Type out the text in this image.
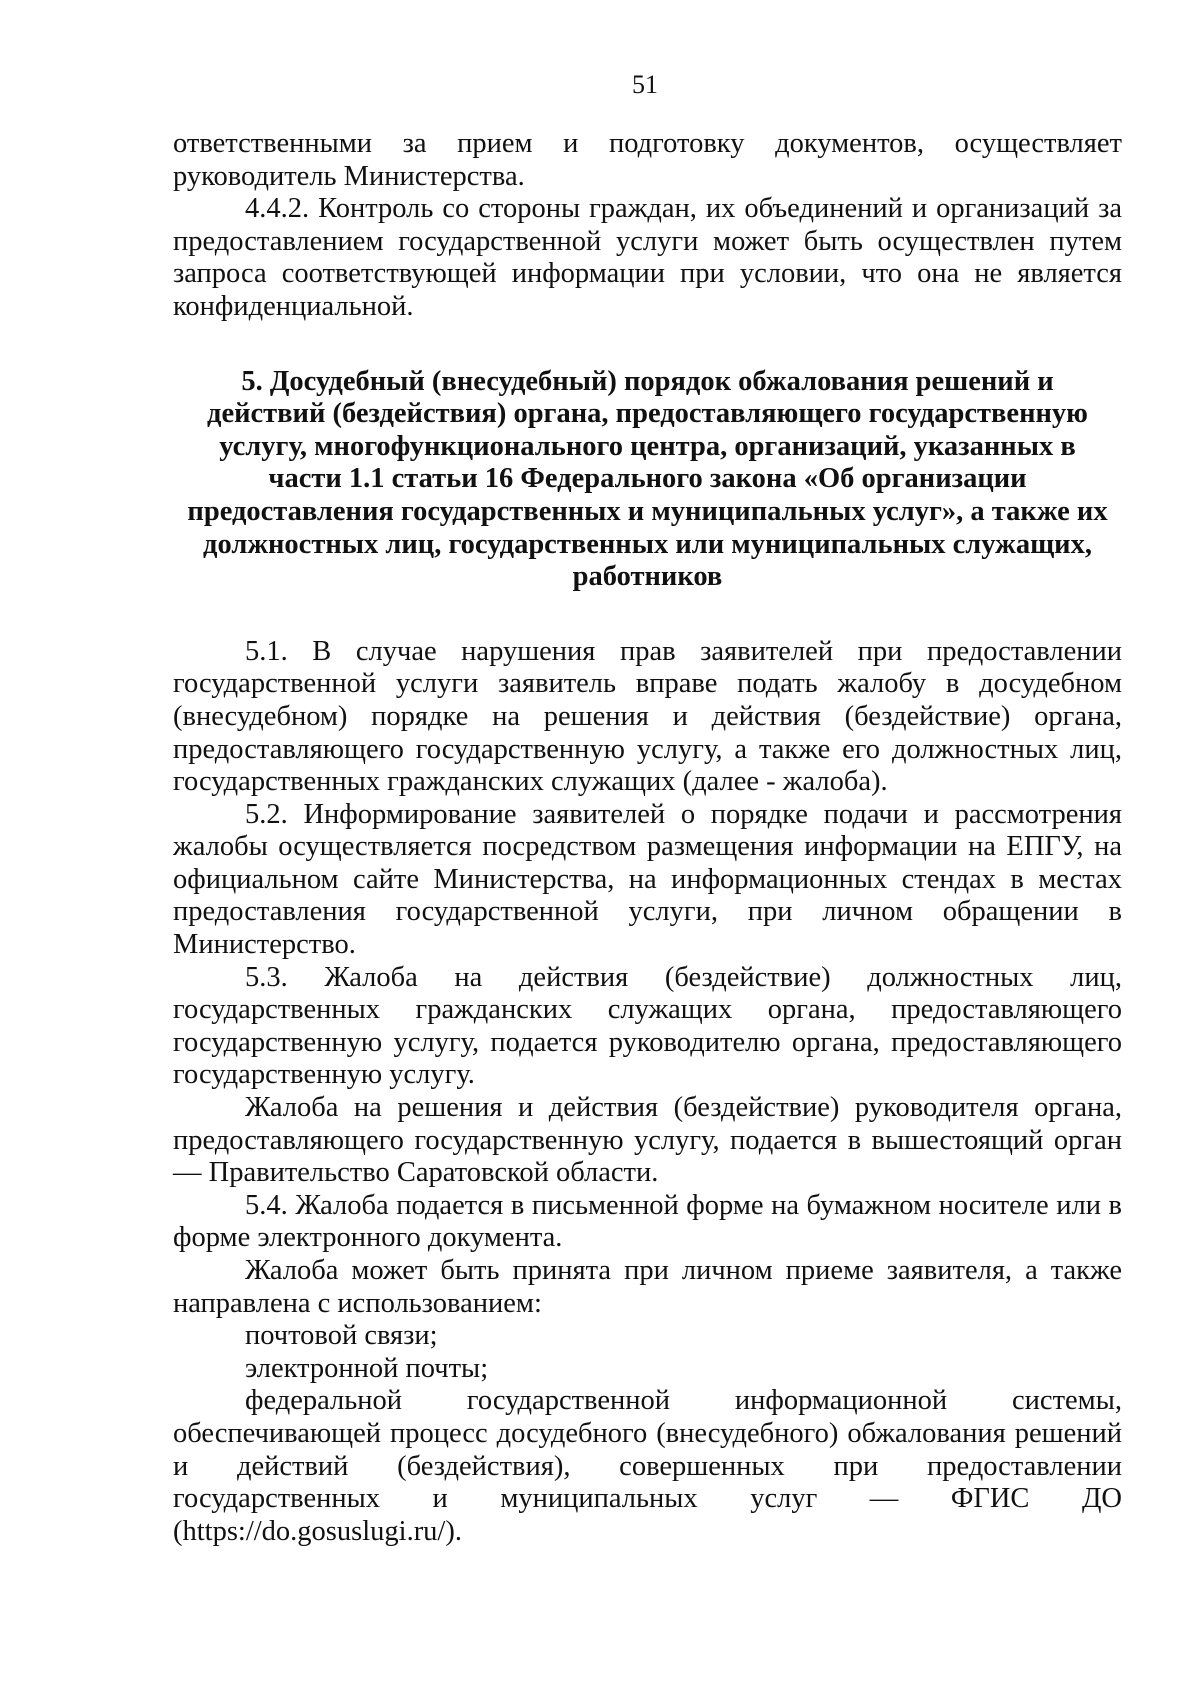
51

ответственными за прием и подготовку документов, осуществляет руководитель Министерства.

4.4.2. Контроль со стороны граждан, их объединений и организаций за предоставлением государственной услуги может быть осуществлен путем запроса соответствующей информации при условии, что она не является конфиденциальной.

5. Досудебный (внесудебный) порядок обжалования решений и
действий (бездействия) органа, предоставляющего государственную
услугу, многофункционального центра, организаций, указанных в
части 1.1 статьи 16 Федерального закона «Об организации
предоставления государственных и муниципальных услуг», а также их
должностных лиц, государственных или муниципальных служащих,
работников

5.1. В случае нарушения прав заявителей при предоставлении государственной услуги заявитель вправе подать жалобу в досудебном (внесудебном) порядке на решения и действия (бездействие) органа, предоставляющего государственную услугу, а также его должностных лиц, государственных гражданских служащих (далее - жалоба).

5.2. Информирование заявителей о порядке подачи и рассмотрения жалобы осуществляется посредством размещения информации на ЕПГУ, на официальном сайте Министерства, на информационных стендах в местах предоставления государственной услуги, при личном обращении в Министерство.

5.3. Жалоба на действия (бездействие) должностных лиц, государственных гражданских служащих органа, предоставляющего государственную услугу, подается руководителю органа, предоставляющего государственную услугу.

Жалоба на решения и действия (бездействие) руководителя органа, предоставляющего государственную услугу, подается в вышестоящий орган — Правительство Саратовской области.

5.4. Жалоба подается в письменной форме на бумажном носителе или в форме электронного документа.

Жалоба может быть принята при личном приеме заявителя, а также направлена с использованием:

почтовой связи;

электронной почты;

федеральной государственной информационной системы, обеспечивающей процесс досудебного (внесудебного) обжалования решений и действий (бездействия), совершенных при предоставлении государственных и муниципальных услуг — ФГИС ДО (https://do.gosuslugi.ru/).
